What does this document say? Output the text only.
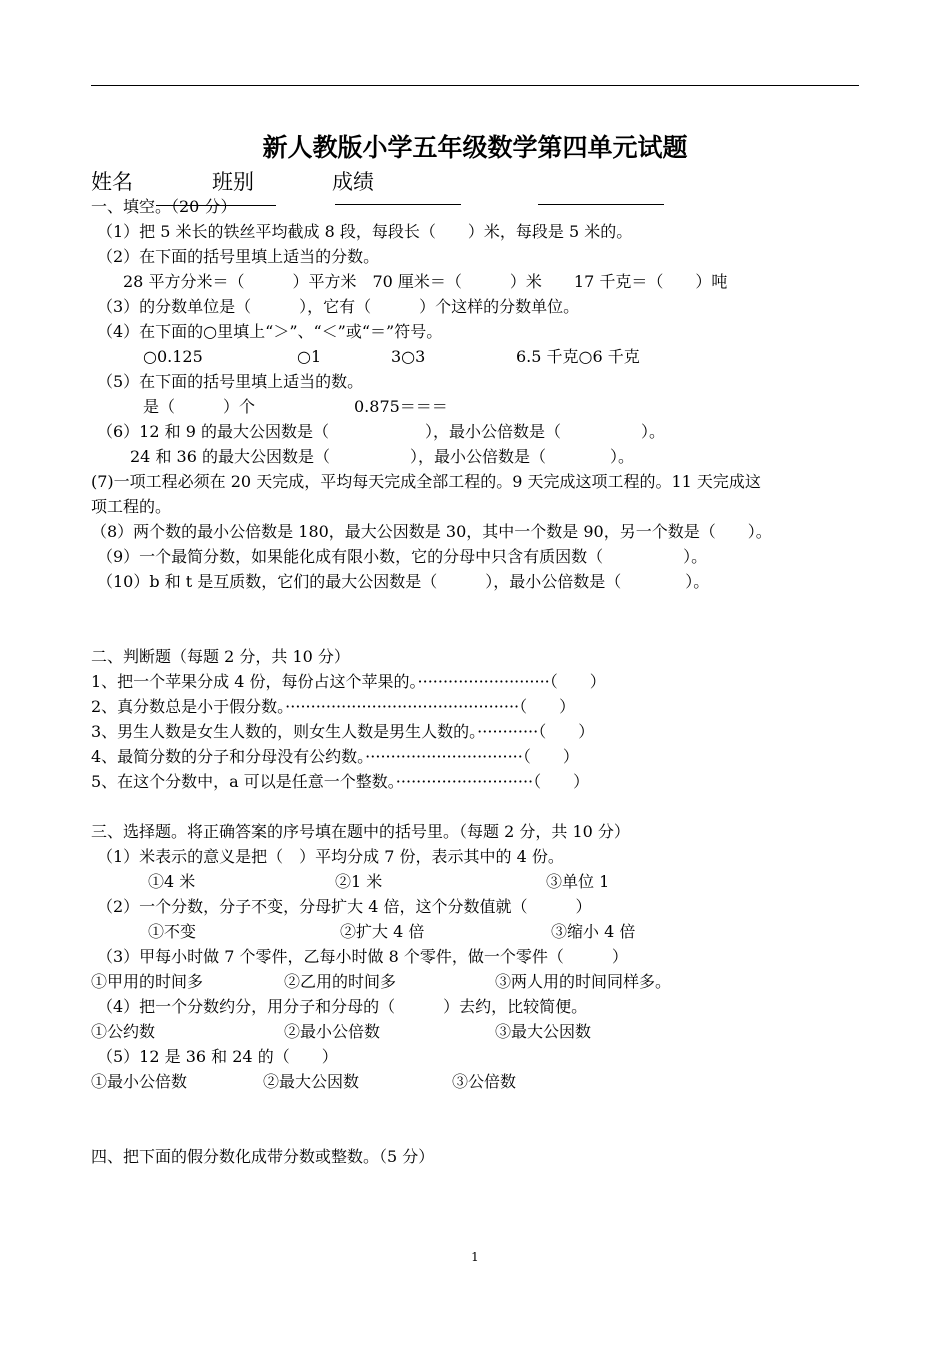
新人教版小学五年级数学第四单元试题
姓名	班别	成绩
一、填空。（20 分）
（1）把 5 米长的铁丝平均截成 8 段，每段长（　　）米，每段是 5 米的。
（2）在下面的括号里填上适当的分数。
28 平方分米＝（　　　）平方米　70 厘米＝（　　　）米　　17 千克＝（　　）吨
（3）的分数单位是（　　　），它有（　　　）个这样的分数单位。
（4）在下面的○里填上“＞”、“＜”或“＝”符号。
○0.125	○1	3○3	6.5 千克○6 千克
（5）在下面的括号里填上适当的数。
是（　　　）个	0.875＝＝＝
（6）12 和 9 的最大公因数是（　　　　　　），最小公倍数是（　　　　　）。
24 和 36 的最大公因数是（　　　　　），最小公倍数是（　　　　）。
(7)一项工程必须在 20 天完成，平均每天完成全部工程的。9 天完成这项工程的。11 天完成这
项工程的。
（8）两个数的最小公倍数是 180，最大公因数是 30，其中一个数是 90，另一个数是（　　）。
（9）一个最简分数，如果能化成有限小数，它的分母中只含有质因数（　　　　　）。
（10）b 和 t 是互质数，它们的最大公因数是（　　　），最小公倍数是（　　　　）。
二、判断题（每题 2 分，共 10 分）
1、把一个苹果分成 4 份，每份占这个苹果的。··························（　　）
2、真分数总是小于假分数。··············································（　　）
3、男生人数是女生人数的，则女生人数是男生人数的。············（　　）
4、最简分数的分子和分母没有公约数。·······························（　　）
5、在这个分数中，a 可以是任意一个整数。···························（　　）
三、选择题。将正确答案的序号填在题中的括号里。（每题 2 分，共 10 分）
（1）米表示的意义是把（　）平均分成 7 份，表示其中的 4 份。
①4 米	②1 米	③单位 1
（2）一个分数，分子不变，分母扩大 4 倍，这个分数值就（　　　）
①不变	②扩大 4 倍	③缩小 4 倍
（3）甲每小时做 7 个零件，乙每小时做 8 个零件，做一个零件（　　　）
①甲用的时间多	②乙用的时间多	③两人用的时间同样多。
（4）把一个分数约分，用分子和分母的（　　　）去约，比较简便。
①公约数	②最小公倍数	③最大公因数
（5）12 是 36 和 24 的（　　）
①最小公倍数	②最大公因数	③公倍数
四、把下面的假分数化成带分数或整数。（5 分）
1
